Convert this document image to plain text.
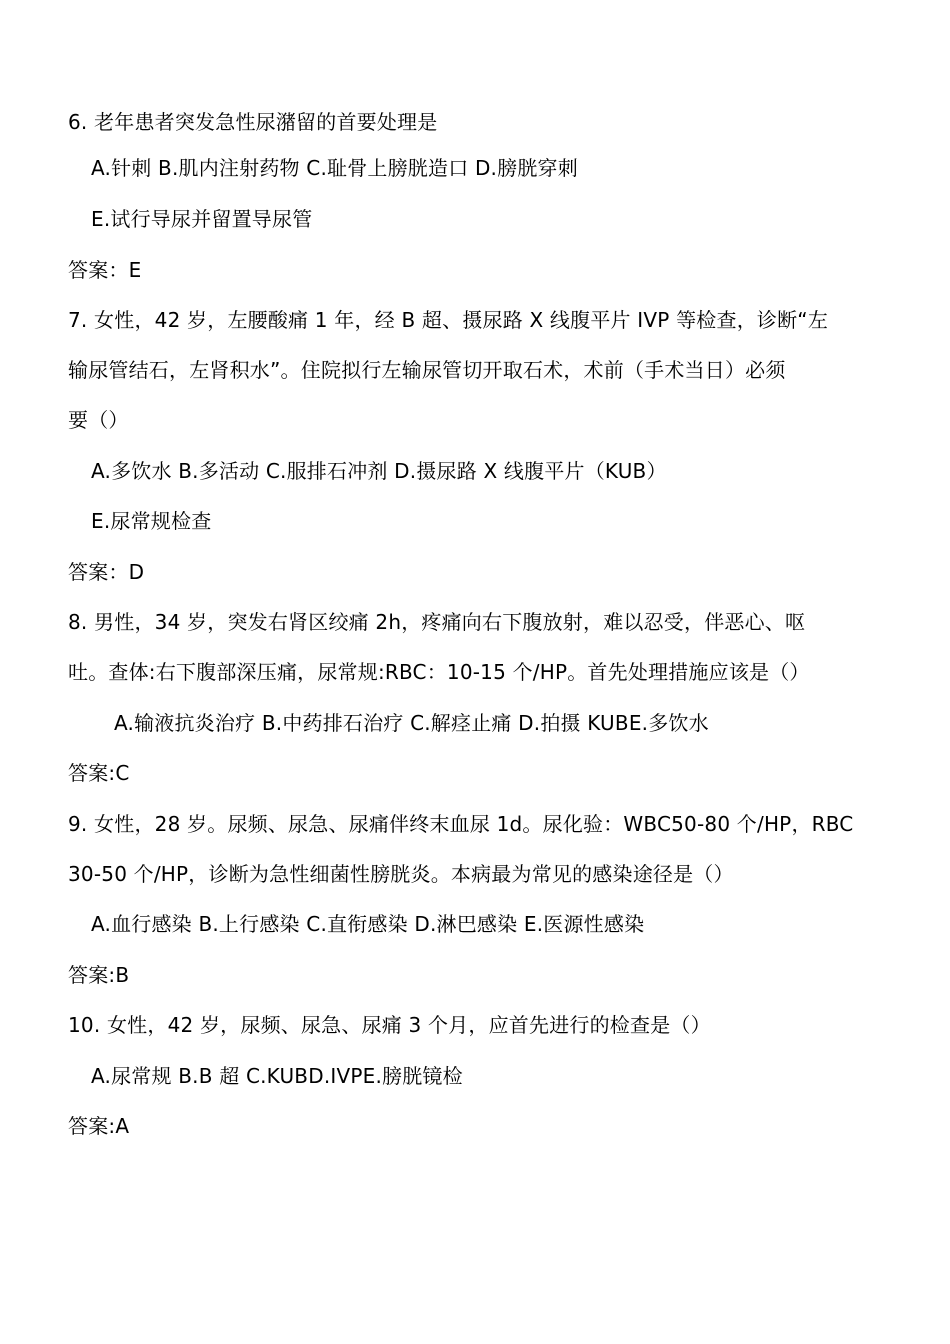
6. 老年患者突发急性尿潴留的首要处理是
A.针刺 B.肌内注射药物 C.耻骨上膀胱造口 D.膀胱穿刺
E.试行导尿并留置导尿管
答案：E
7. 女性，42 岁，左腰酸痛 1 年，经 B 超、摄尿路 X 线腹平片 IVP 等检查，诊断“左
输尿管结石，左肾积水”。住院拟行左输尿管切开取石术，术前（手术当日）必须
要（）
A.多饮水 B.多活动 C.服排石冲剂 D.摄尿路 X 线腹平片（KUB）
E.尿常规检查
答案：D
8. 男性，34 岁，突发右肾区绞痛 2h，疼痛向右下腹放射，难以忍受，伴恶心、呕
吐。查体:右下腹部深压痛，尿常规:RBC：10-15 个/HP。首先处理措施应该是（）
A.输液抗炎治疗 B.中药排石治疗 C.解痉止痛 D.拍摄 KUBE.多饮水
答案:C
9. 女性，28 岁。尿频、尿急、尿痛伴终末血尿 1d。尿化验：WBC50-80 个/HP，RBC
30-50 个/HP，诊断为急性细菌性膀胱炎。本病最为常见的感染途径是（）
A.血行感染 B.上行感染 C.直衔感染 D.淋巴感染 E.医源性感染
答案:B
10. 女性，42 岁，尿频、尿急、尿痛 3 个月，应首先进行的检查是（）
A.尿常规 B.B 超 C.KUBD.IVPE.膀胱镜检
答案:A
